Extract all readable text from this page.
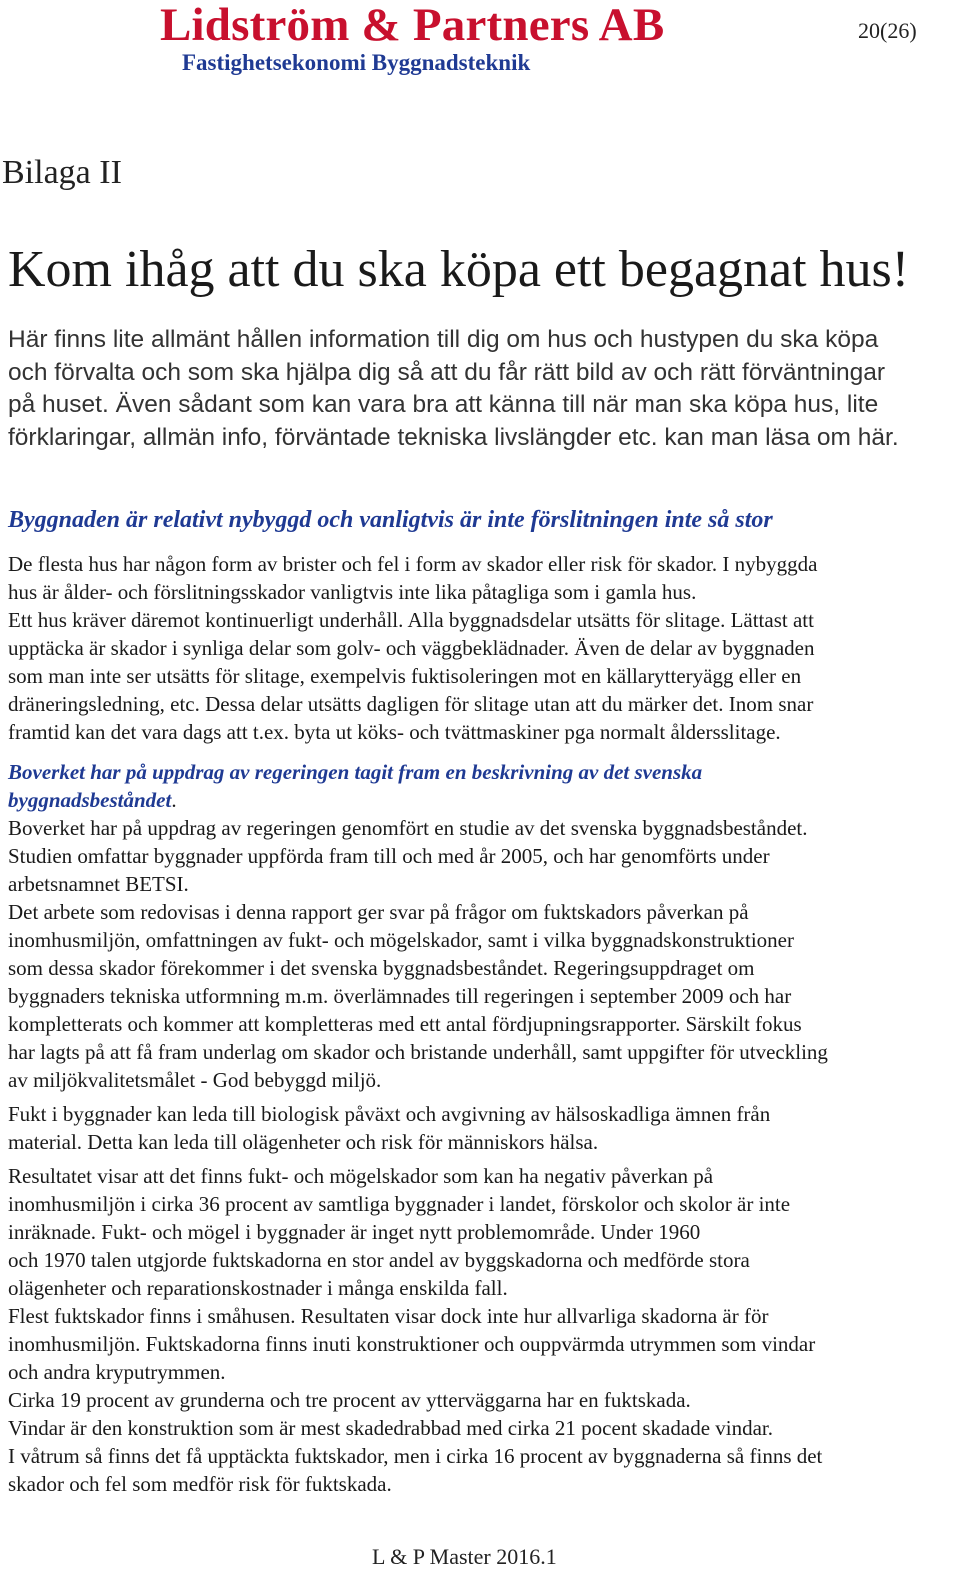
Lidström & Partners AB
Fastighetsekonomi Byggnadsteknik
20(26)
Bilaga II
Kom ihåg att du ska köpa ett begagnat hus!
Här finns lite allmänt hållen information till dig om hus och hustypen du ska köpa
och förvalta och som ska hjälpa dig så att du får rätt bild av och rätt förväntningar
på huset. Även sådant som kan vara bra att känna till när man ska köpa hus, lite
förklaringar, allmän info, förväntade tekniska livslängder etc. kan man läsa om här.
Byggnaden är relativt nybyggd och vanligtvis är inte förslitningen inte så stor
De flesta hus har någon form av brister och fel i form av skador eller risk för skador. I nybyggda
hus är ålder- och förslitningsskador vanligtvis inte lika påtagliga som i gamla hus.
Ett hus kräver däremot kontinuerligt underhåll. Alla byggnadsdelar utsätts för slitage. Lättast att
upptäcka är skador i synliga delar som golv- och väggbeklädnader. Även de delar av byggnaden
som man inte ser utsätts för slitage, exempelvis fuktisoleringen mot en källarytteryägg eller en
dräneringsledning, etc. Dessa delar utsätts dagligen för slitage utan att du märker det. Inom snar
framtid kan det vara dags att t.ex. byta ut köks- och tvättmaskiner pga normalt åldersslitage.
Boverket har på uppdrag av regeringen tagit fram en beskrivning av det svenska
byggnadsbeståndet.
Boverket har på uppdrag av regeringen genomfört en studie av det svenska byggnadsbeståndet.
Studien omfattar byggnader uppförda fram till och med år 2005, och har genomförts under
arbetsnamnet BETSI.
Det arbete som redovisas i denna rapport ger svar på frågor om fuktskadors påverkan på
inomhusmiljön, omfattningen av fukt- och mögelskador, samt i vilka byggnadskonstruktioner
som dessa skador förekommer i det svenska byggnadsbeståndet. Regeringsuppdraget om
byggnaders tekniska utformning m.m. överlämnades till regeringen i september 2009 och har
kompletterats och kommer att kompletteras med ett antal fördjupningsrapporter. Särskilt fokus
har lagts på att få fram underlag om skador och bristande underhåll, samt uppgifter för utveckling
av miljökvalitetsmålet - God bebyggd miljö.
Fukt i byggnader kan leda till biologisk påväxt och avgivning av hälsoskadliga ämnen från
material. Detta kan leda till olägenheter och risk för människors hälsa.
Resultatet visar att det finns fukt- och mögelskador som kan ha negativ påverkan på
inomhusmiljön i cirka 36 procent av samtliga byggnader i landet, förskolor och skolor är inte
inräknade. Fukt- och mögel i byggnader är inget nytt problemområde. Under 1960
och 1970 talen utgjorde fuktskadorna en stor andel av byggskadorna och medförde stora
olägenheter och reparationskostnader i många enskilda fall.
Flest fuktskador finns i småhusen. Resultaten visar dock inte hur allvarliga skadorna är för
inomhusmiljön. Fuktskadorna finns inuti konstruktioner och ouppvärmda utrymmen som vindar
och andra kryputrymmen.
Cirka 19 procent av grunderna och tre procent av ytterväggarna har en fuktskada.
Vindar är den konstruktion som är mest skadedrabbad med cirka 21 pocent skadade vindar.
I våtrum så finns det få upptäckta fuktskador, men i cirka 16 procent av byggnaderna så finns det
skador och fel som medför risk för fuktskada.
L & P Master 2016.1
